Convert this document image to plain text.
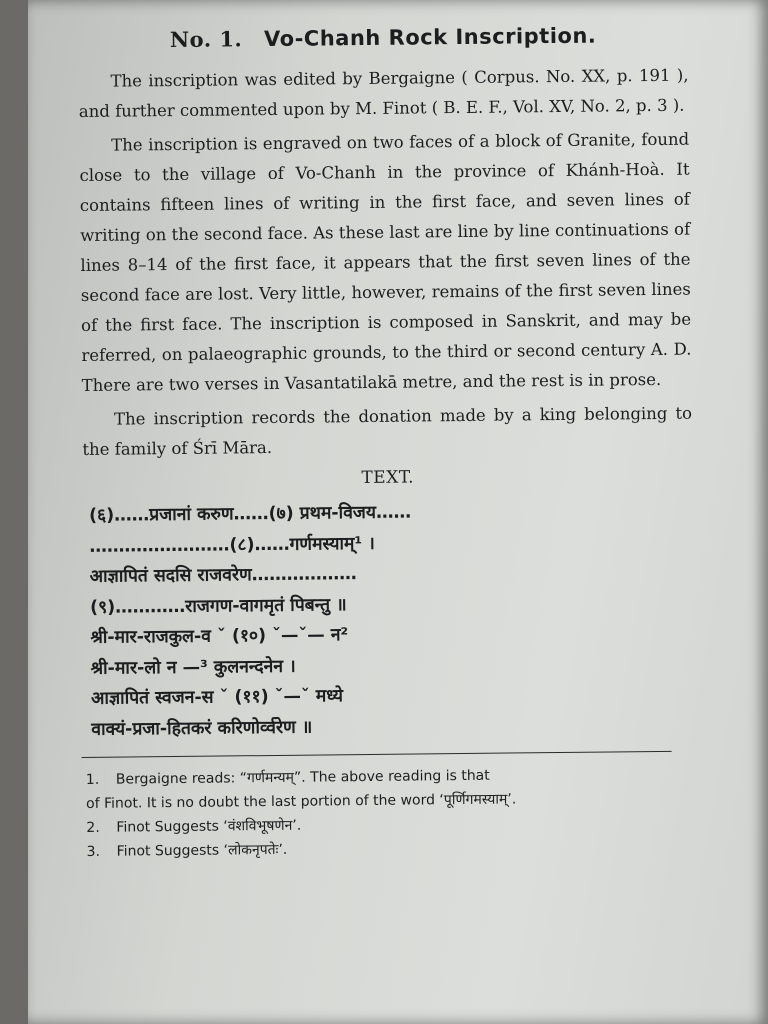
No. 1. Vo-Chanh Rock Inscription.

The inscription was edited by Bergaigne ( Corpus. No. XX, p. 191 ), and further commented upon by M. Finot ( B. E. F., Vol. XV, No. 2, p. 3 ).

The inscription is engraved on two faces of a block of Granite, found close to the village of Vo-Chanh in the province of Khánh-Hoà. It contains fifteen lines of writing in the first face, and seven lines of writing on the second face. As these last are line by line continuations of lines 8–14 of the first face, it appears that the first seven lines of the second face are lost. Very little, however, remains of the first seven lines of the first face. The inscription is composed in Sanskrit, and may be referred, on palaeographic grounds, to the third or second century A. D. There are two verses in Vasantatilakā metre, and the rest is in prose.

The inscription records the donation made by a king belonging to the family of Śrī Māra.

TEXT.
(६)……प्रजानां करुण……(७) प्रथम-विजय……
……………………(८)……गर्णमस्याम्¹ ।
आज्ञापितं सदसि राजवरेण………………
(९)…………राजगण-वागमृतं पिबन्तु ॥
श्री-मार-राजकुल-व ˇ (१०) ˇ—ˇ— न²
श्री-मार-लो न —³ कुलनन्दनेन ।
आज्ञापितं स्वजन-स ˇ (११) ˇ—ˇ मध्ये
वाक्यं-प्रजा-हितकरं करिणोर्व्वरेण ॥
1. Bergaigne reads: “गर्णमन्यम्”. The above reading is that
of Finot. It is no doubt the last portion of the word ‘पूर्णिगमस्याम्’.
2. Finot Suggests ‘वंशविभूषणेन’.
3. Finot Suggests ‘लोकनृपतेः’.
